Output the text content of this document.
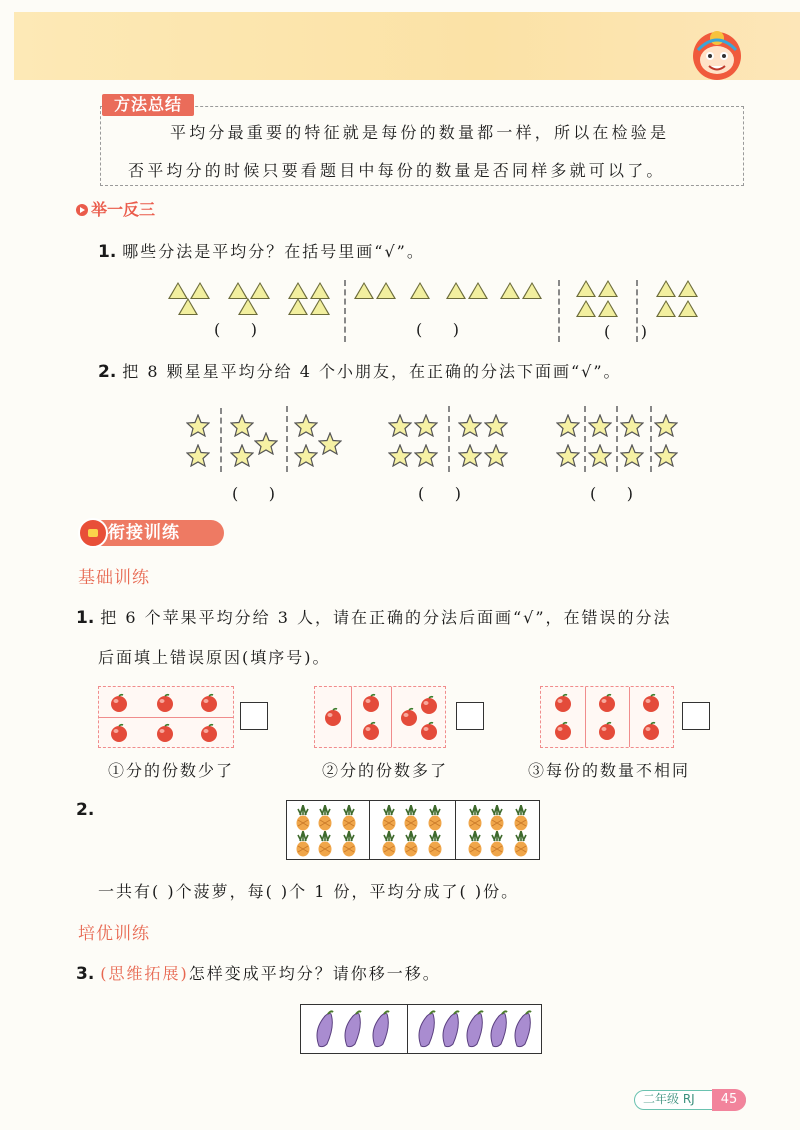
方法总结
平均分最重要的特征就是每份的数量都一样，所以在检验是
否平均分的时候只要看题目中每份的数量是否同样多就可以了。
举一反三
1. 哪些分法是平均分？在括号里画“√”。
(      )	(      )	(      )
2. 把 8 颗星星平均分给 4 个小朋友，在正确的分法下面画“√”。
(      )	(      )	(      )
衔接训练
基础训练
1. 把 6 个苹果平均分给 3 人，请在正确的分法后面画“√”，在错误的分法
后面填上错误原因(填序号)。
①分的份数少了	②分的份数多了	③每份的数量不相同
2.
一共有( )个菠萝，每( )个 1 份，平均分成了( )份。
培优训练
3. (思维拓展)怎样变成平均分？请你移一移。
二年级 RJ	45
